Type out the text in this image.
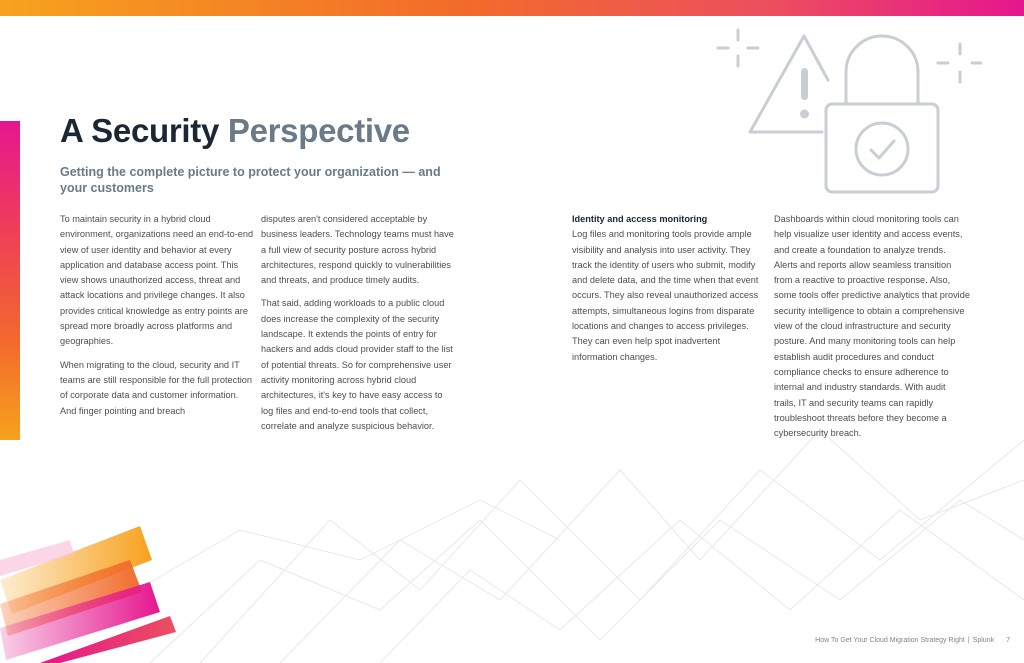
A Security Perspective

Getting the complete picture to protect your organization — and your customers

To maintain security in a hybrid cloud environment, organizations need an end-to-end view of user identity and behavior at every application and database access point. This view shows unauthorized access, threat and attack locations and privilege changes. It also provides critical knowledge as entry points are spread more broadly across platforms and geographies.

When migrating to the cloud, security and IT teams are still responsible for the full protection of corporate data and customer information. And finger pointing and breach

disputes aren't considered acceptable by business leaders. Technology teams must have a full view of security posture across hybrid architectures, respond quickly to vulnerabilities and threats, and produce timely audits.

That said, adding workloads to a public cloud does increase the complexity of the security landscape. It extends the points of entry for hackers and adds cloud provider staff to the list of potential threats. So for comprehensive user activity monitoring across hybrid cloud architectures, it's key to have easy access to log files and end-to-end tools that collect, correlate and analyze suspicious behavior.

Identity and access monitoring

Log files and monitoring tools provide ample visibility and analysis into user activity. They track the identity of users who submit, modify and delete data, and the time when that event occurs. They also reveal unauthorized access attempts, simultaneous logins from disparate locations and changes to access privileges. They can even help spot inadvertent information changes.

Dashboards within cloud monitoring tools can help visualize user identity and access events, and create a foundation to analyze trends. Alerts and reports allow seamless transition from a reactive to proactive response. Also, some tools offer predictive analytics that provide security intelligence to obtain a comprehensive view of the cloud infrastructure and security posture. And many monitoring tools can help establish audit procedures and conduct compliance checks to ensure adherence to internal and industry standards. With audit trails, IT and security teams can rapidly troubleshoot threats before they become a cybersecurity breach.

How To Get Your Cloud Migration Strategy Right | Splunk 7
